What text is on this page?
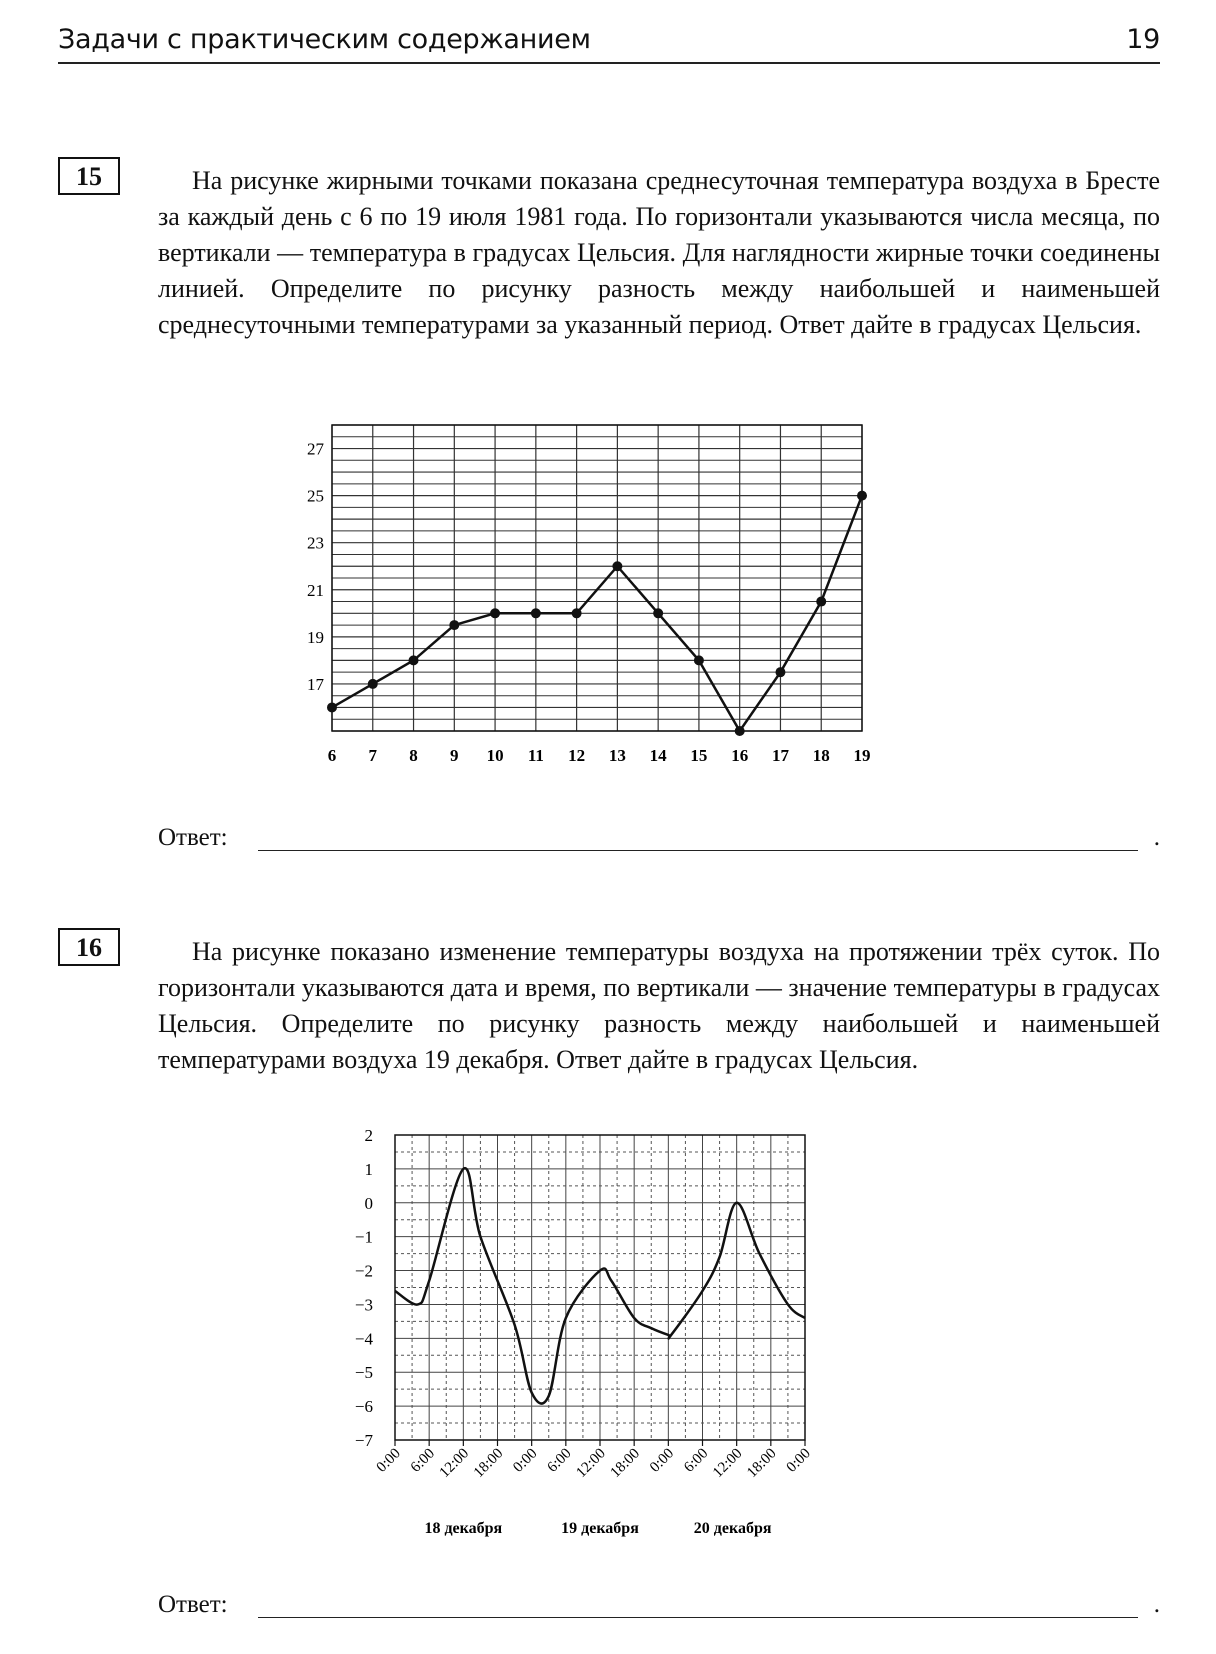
Задачи с практическим содержанием	19
15	На рисунке жирными точками показана среднесуточная температура воздуха в Бресте за каждый день с 6 по 19 июля 1981 года. По горизонтали указываются числа месяца, по вертикали — температура в градусах Цельсия. Для наглядности жирные точки соединены линией. Определите по рисунку разность между наибольшей и наименьшей среднесуточными температурами за указанный период. Ответ дайте в градусах Цельсия.
17
19
21
23
25
27
6 7 8 9 10 11 12 13 14 15 16 17 18 19
Ответ:	.
16	На рисунке показано изменение температуры воздуха на протяжении трёх суток. По горизонтали указываются дата и время, по вертикали — значение температуры в градусах Цельсия. Определите по рисунку разность между наибольшей и наименьшей температурами воздуха 19 декабря. Ответ дайте в градусах Цельсия.
2
1
0
−1
−2
−3
−4
−5
−6
−7
0:00 6:00
12:00
18:00 0:00 6:00
12:00
18:00 0:00 6:00
12:00
18:00 0:00
18 декабря	19 декабря	20 декабря
Ответ:	.
